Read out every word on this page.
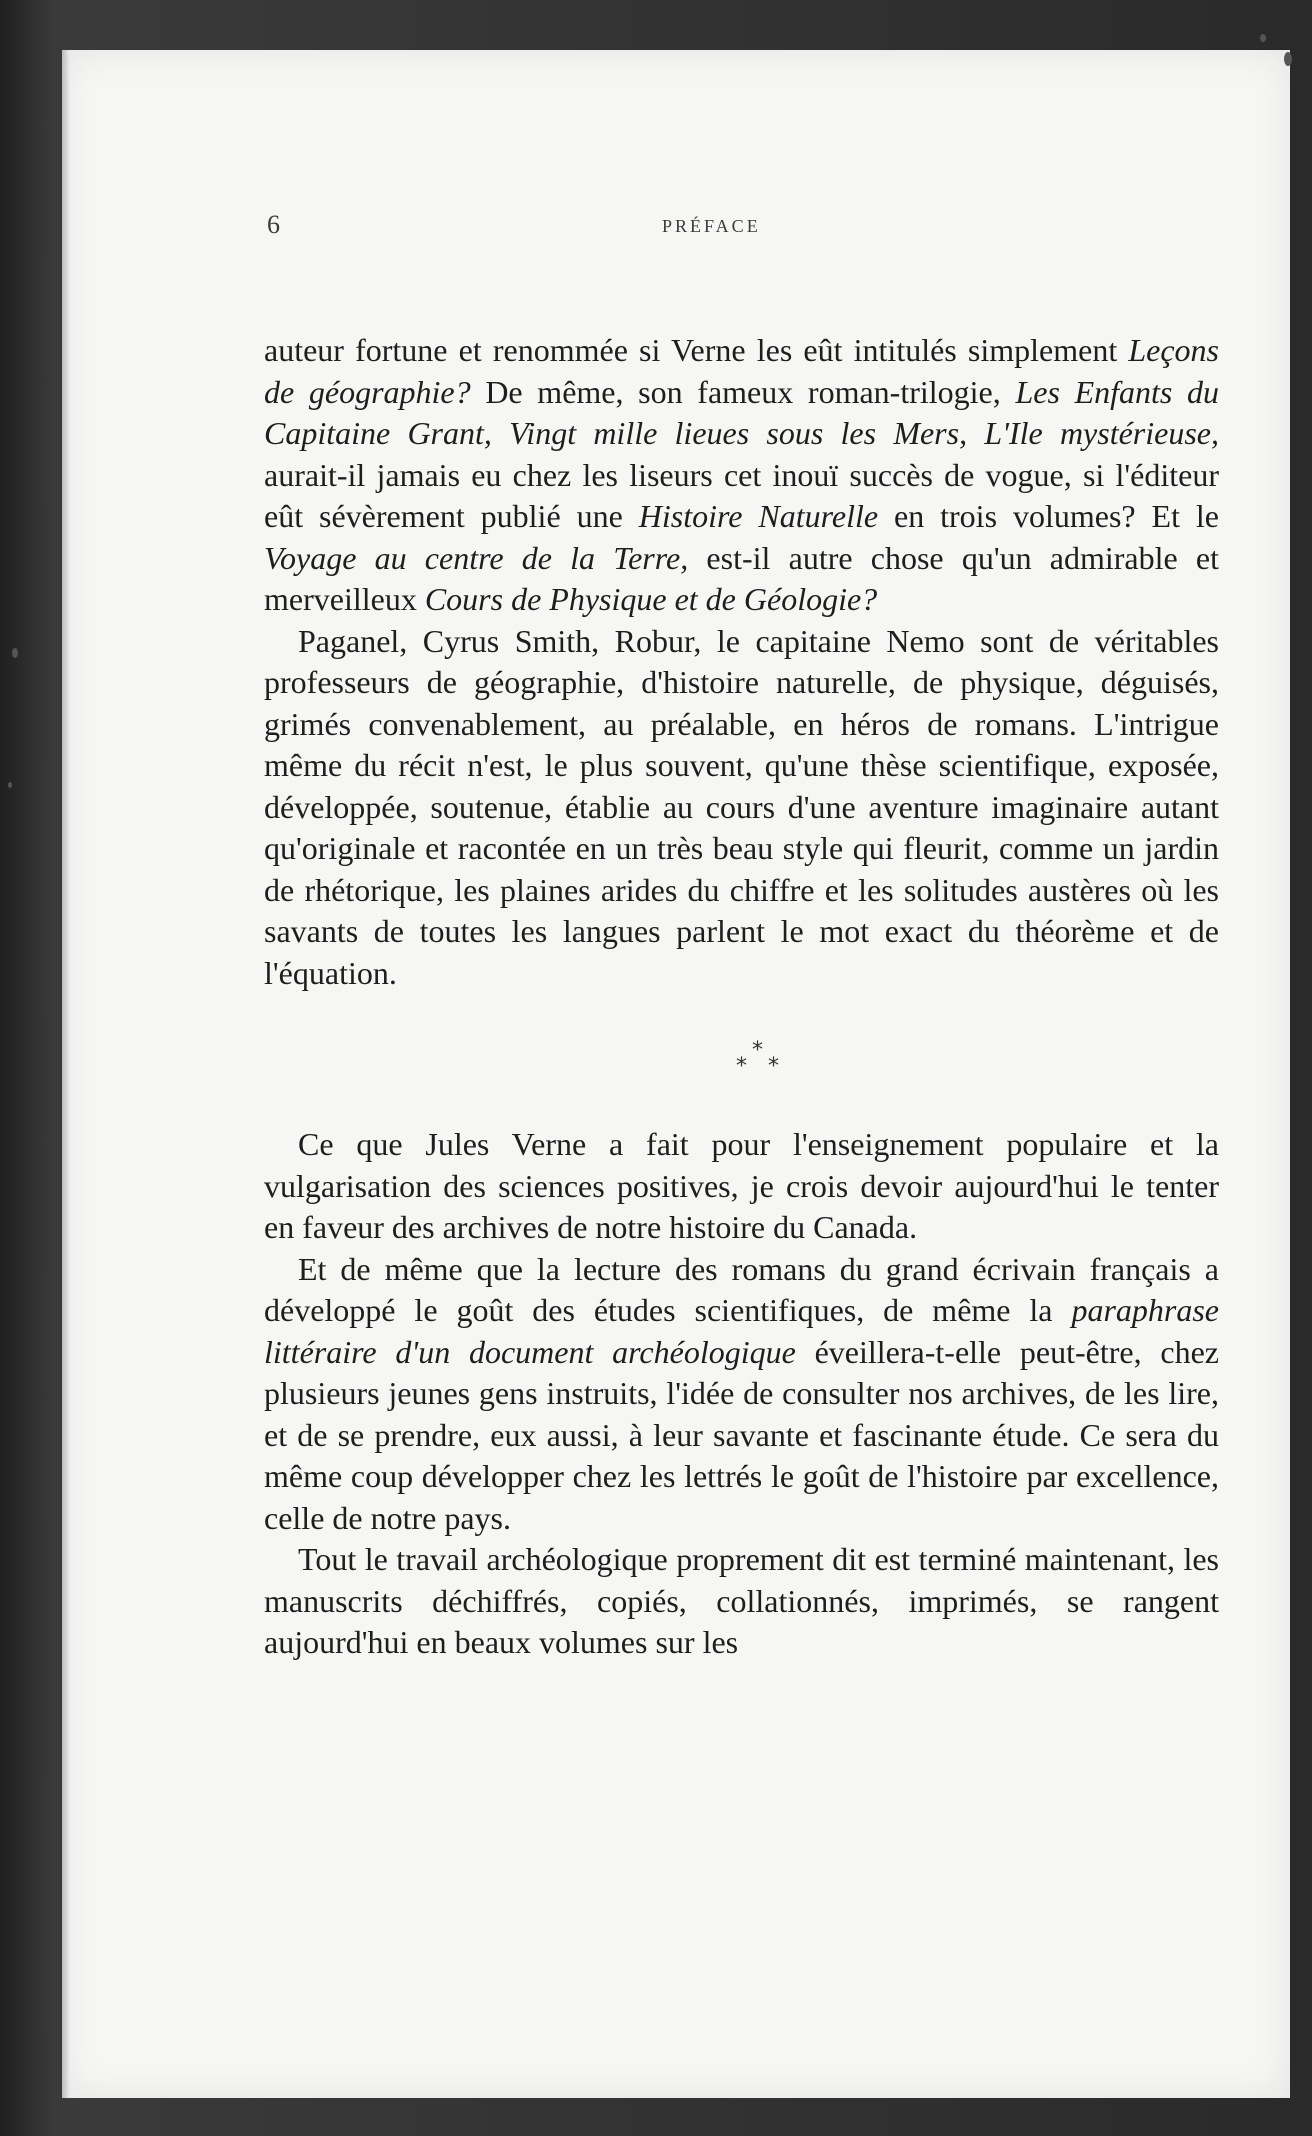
6	PRÉFACE

auteur fortune et renommée si Verne les eût intitulés simplement Leçons de géographie? De même, son fameux roman-trilogie, Les Enfants du Capitaine Grant, Vingt mille lieues sous les Mers, L'Ile mystérieuse, aurait-il jamais eu chez les liseurs cet inouï succès de vogue, si l'éditeur eût sévèrement publié une Histoire Naturelle en trois volumes? Et le Voyage au centre de la Terre, est-il autre chose qu'un admirable et merveilleux Cours de Physique et de Géologie?

Paganel, Cyrus Smith, Robur, le capitaine Nemo sont de véritables professeurs de géographie, d'histoire naturelle, de physique, déguisés, grimés convenablement, au préalable, en héros de romans. L'intrigue même du récit n'est, le plus souvent, qu'une thèse scientifique, exposée, développée, soutenue, établie au cours d'une aventure imaginaire autant qu'originale et racontée en un très beau style qui fleurit, comme un jardin de rhétorique, les plaines arides du chiffre et les solitudes austères où les savants de toutes les langues parlent le mot exact du théorème et de l'équation.

*
* *

Ce que Jules Verne a fait pour l'enseignement populaire et la vulgarisation des sciences positives, je crois devoir aujourd'hui le tenter en faveur des archives de notre histoire du Canada.

Et de même que la lecture des romans du grand écrivain français a développé le goût des études scientifiques, de même la paraphrase littéraire d'un document archéologique éveillera-t-elle peut-être, chez plusieurs jeunes gens instruits, l'idée de consulter nos archives, de les lire, et de se prendre, eux aussi, à leur savante et fascinante étude. Ce sera du même coup développer chez les lettrés le goût de l'histoire par excellence, celle de notre pays.

Tout le travail archéologique proprement dit est terminé maintenant, les manuscrits déchiffrés, copiés, collationnés, imprimés, se rangent aujourd'hui en beaux volumes sur les
